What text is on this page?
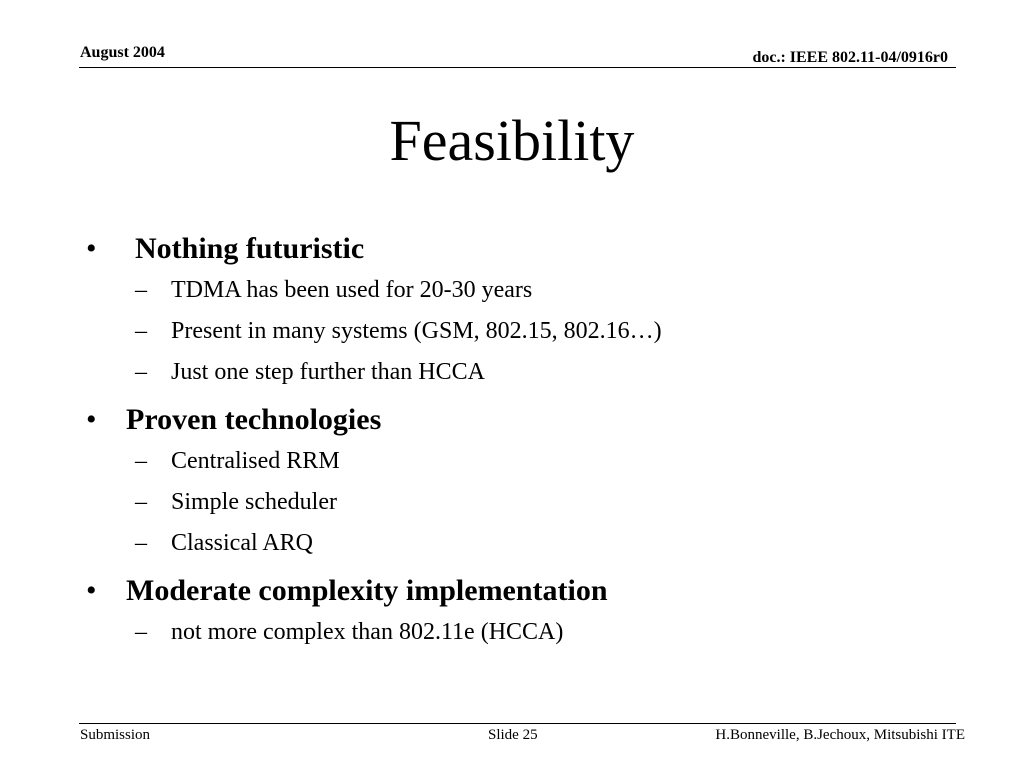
August 2004	doc.: IEEE 802.11-04/0916r0
Feasibility
• Nothing futuristic
– TDMA has been used for 20-30 years
– Present in many systems (GSM, 802.15, 802.16…)
– Just one step further than HCCA
• Proven technologies
– Centralised RRM
– Simple scheduler
– Classical ARQ
• Moderate complexity implementation
– not more complex than 802.11e (HCCA)
Submission	Slide 25	H.Bonneville, B.Jechoux, Mitsubishi ITE
